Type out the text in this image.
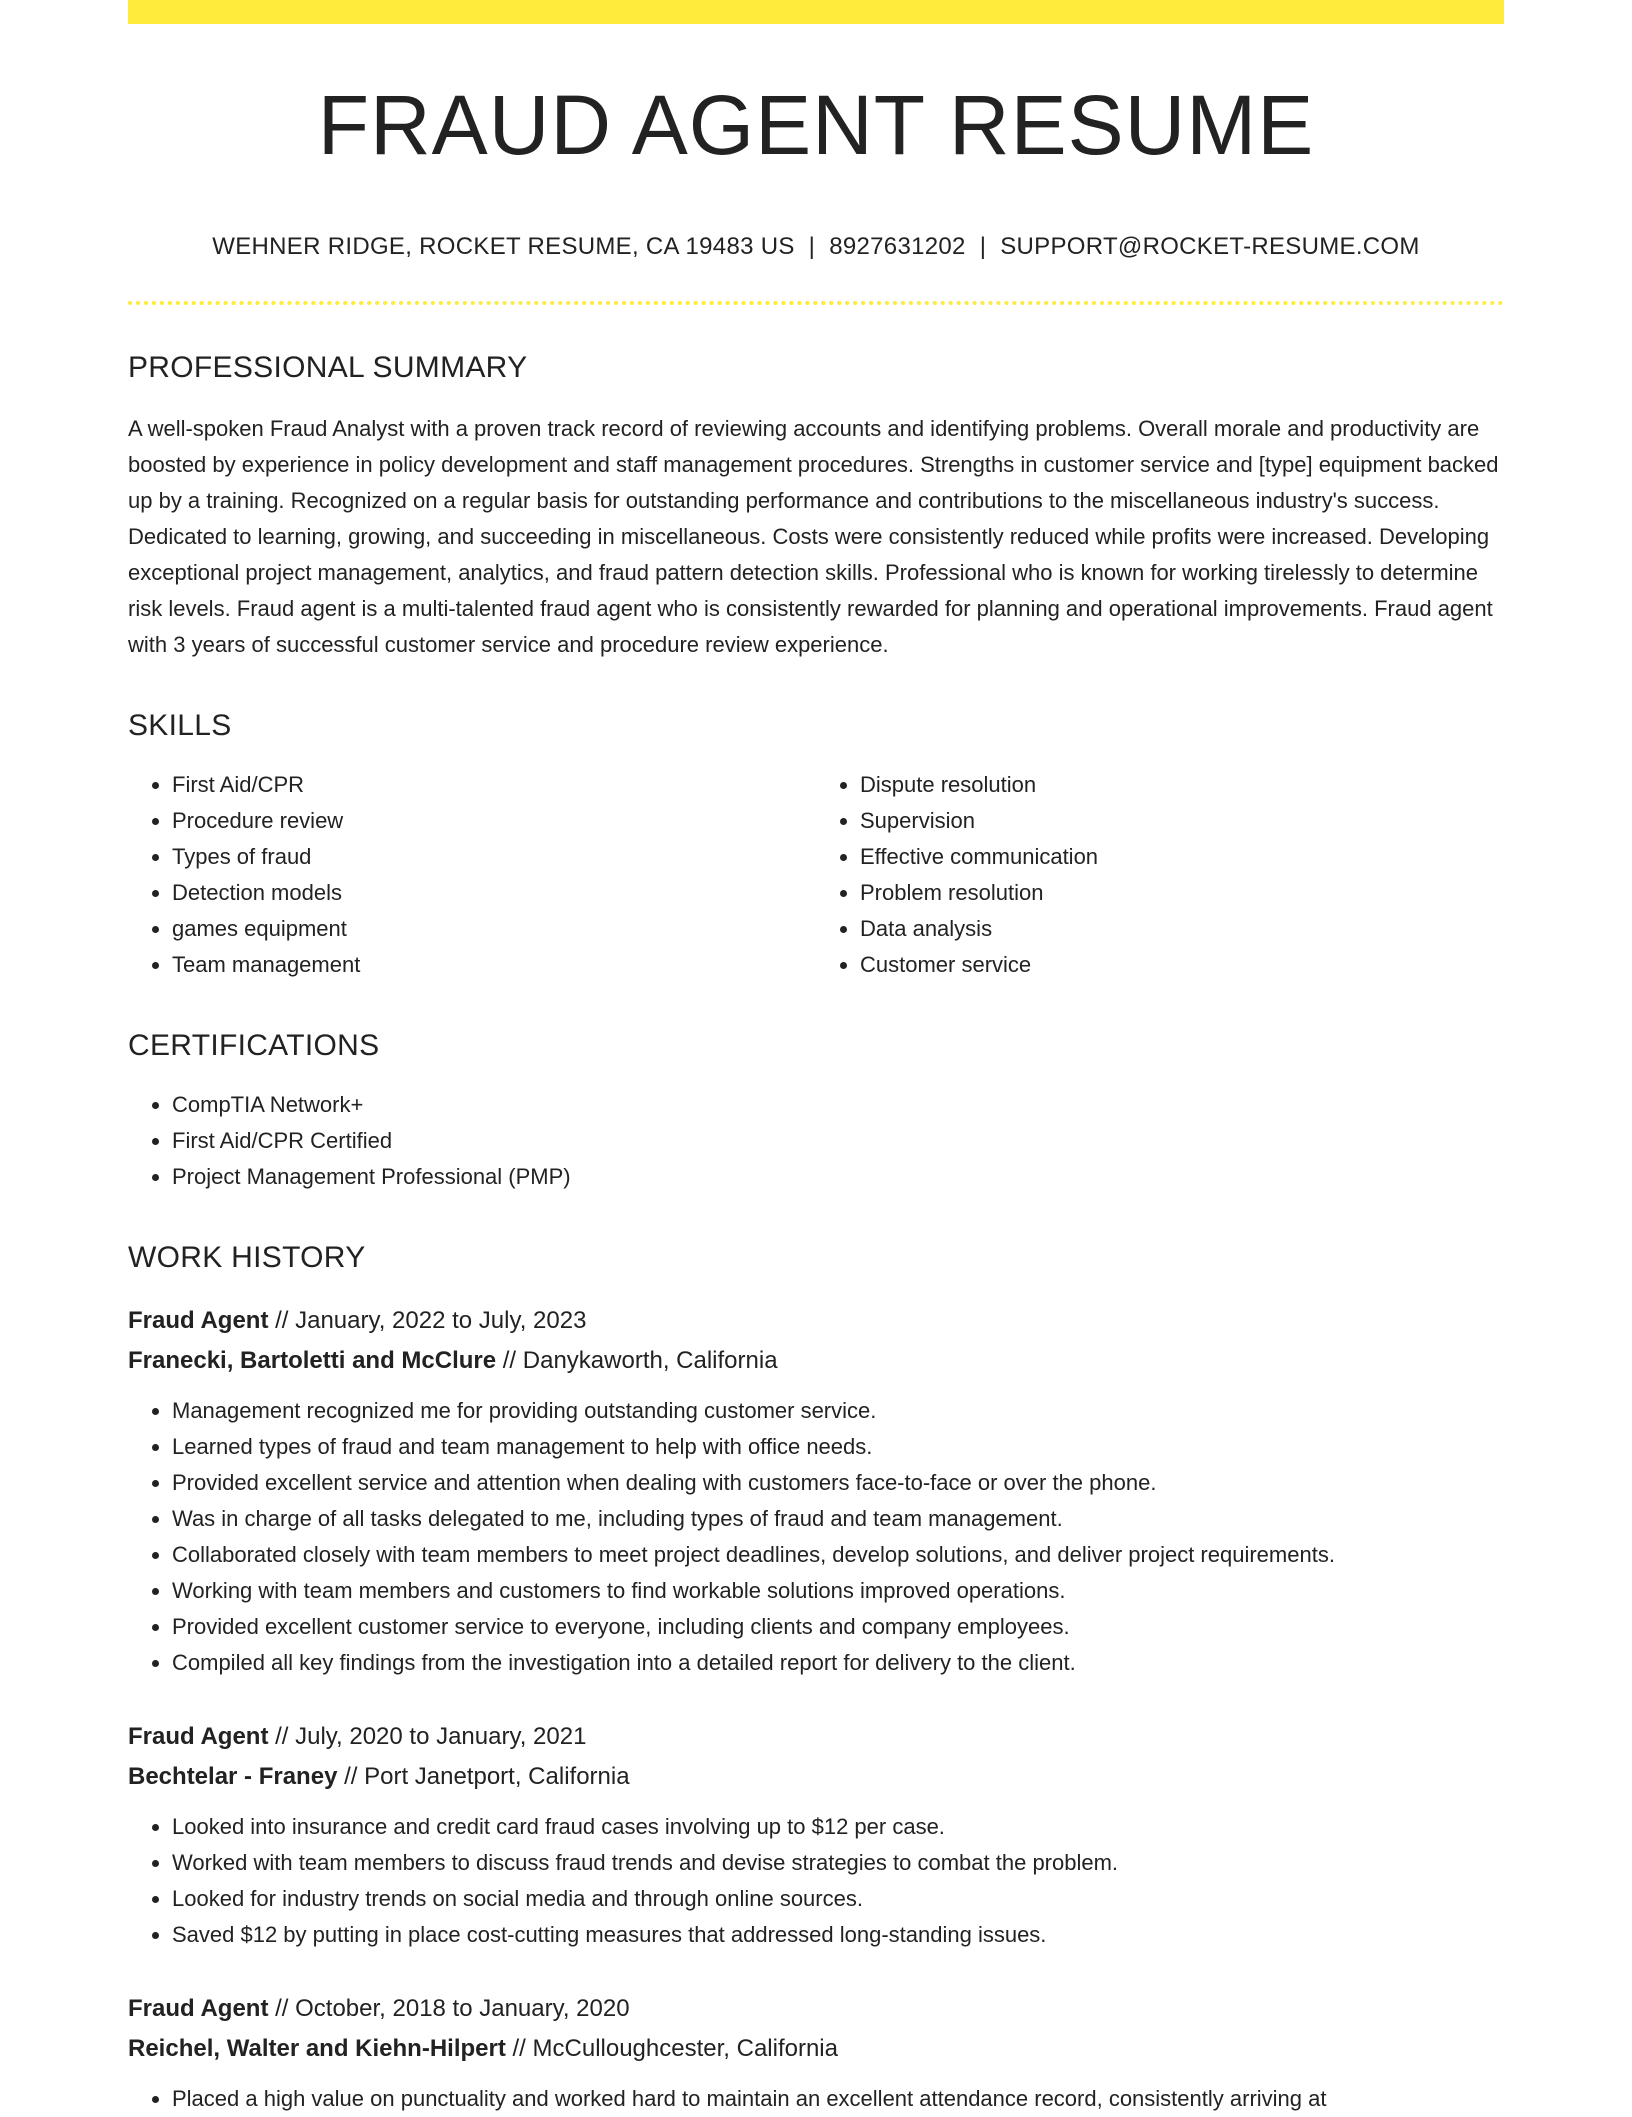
FRAUD AGENT RESUME
WEHNER RIDGE, ROCKET RESUME, CA 19483 US | 8927631202 | SUPPORT@ROCKET-RESUME.COM
PROFESSIONAL SUMMARY

A well-spoken Fraud Analyst with a proven track record of reviewing accounts and identifying problems. Overall morale and productivity are boosted by experience in policy development and staff management procedures. Strengths in customer service and [type] equipment backed up by a training. Recognized on a regular basis for outstanding performance and contributions to the miscellaneous industry's success. Dedicated to learning, growing, and succeeding in miscellaneous. Costs were consistently reduced while profits were increased. Developing exceptional project management, analytics, and fraud pattern detection skills. Professional who is known for working tirelessly to determine risk levels. Fraud agent is a multi-talented fraud agent who is consistently rewarded for planning and operational improvements. Fraud agent with 3 years of successful customer service and procedure review experience.

SKILLS
• First Aid/CPR
• Procedure review
• Types of fraud
• Detection models
• games equipment
• Team management
• Dispute resolution
• Supervision
• Effective communication
• Problem resolution
• Data analysis
• Customer service
CERTIFICATIONS
• CompTIA Network+
• First Aid/CPR Certified
• Project Management Professional (PMP)
WORK HISTORY
Fraud Agent // January, 2022 to July, 2023
Franecki, Bartoletti and McClure // Danykaworth, California
• Management recognized me for providing outstanding customer service.
• Learned types of fraud and team management to help with office needs.
• Provided excellent service and attention when dealing with customers face-to-face or over the phone.
• Was in charge of all tasks delegated to me, including types of fraud and team management.
• Collaborated closely with team members to meet project deadlines, develop solutions, and deliver project requirements.
• Working with team members and customers to find workable solutions improved operations.
• Provided excellent customer service to everyone, including clients and company employees.
• Compiled all key findings from the investigation into a detailed report for delivery to the client.
Fraud Agent // July, 2020 to January, 2021
Bechtelar - Franey // Port Janetport, California
• Looked into insurance and credit card fraud cases involving up to $12 per case.
• Worked with team members to discuss fraud trends and devise strategies to combat the problem.
• Looked for industry trends on social media and through online sources.
• Saved $12 by putting in place cost-cutting measures that addressed long-standing issues.
Fraud Agent // October, 2018 to January, 2020
Reichel, Walter and Kiehn-Hilpert // McCulloughcester, California
• Placed a high value on punctuality and worked hard to maintain an excellent attendance record, consistently arriving at
